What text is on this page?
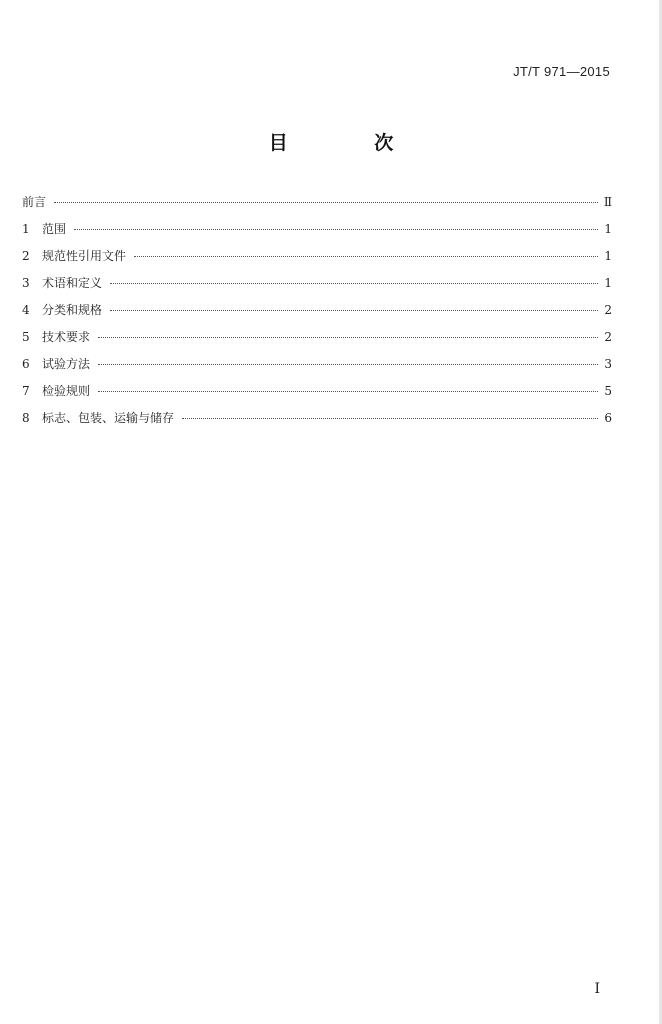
JT/T 971—2015
目 次
前言	Ⅱ
1	范围	1
2	规范性引用文件	1
3	术语和定义	1
4	分类和规格	2
5	技术要求	2
6	试验方法	3
7	检验规则	5
8	标志、包装、运输与储存	6
Ⅰ
